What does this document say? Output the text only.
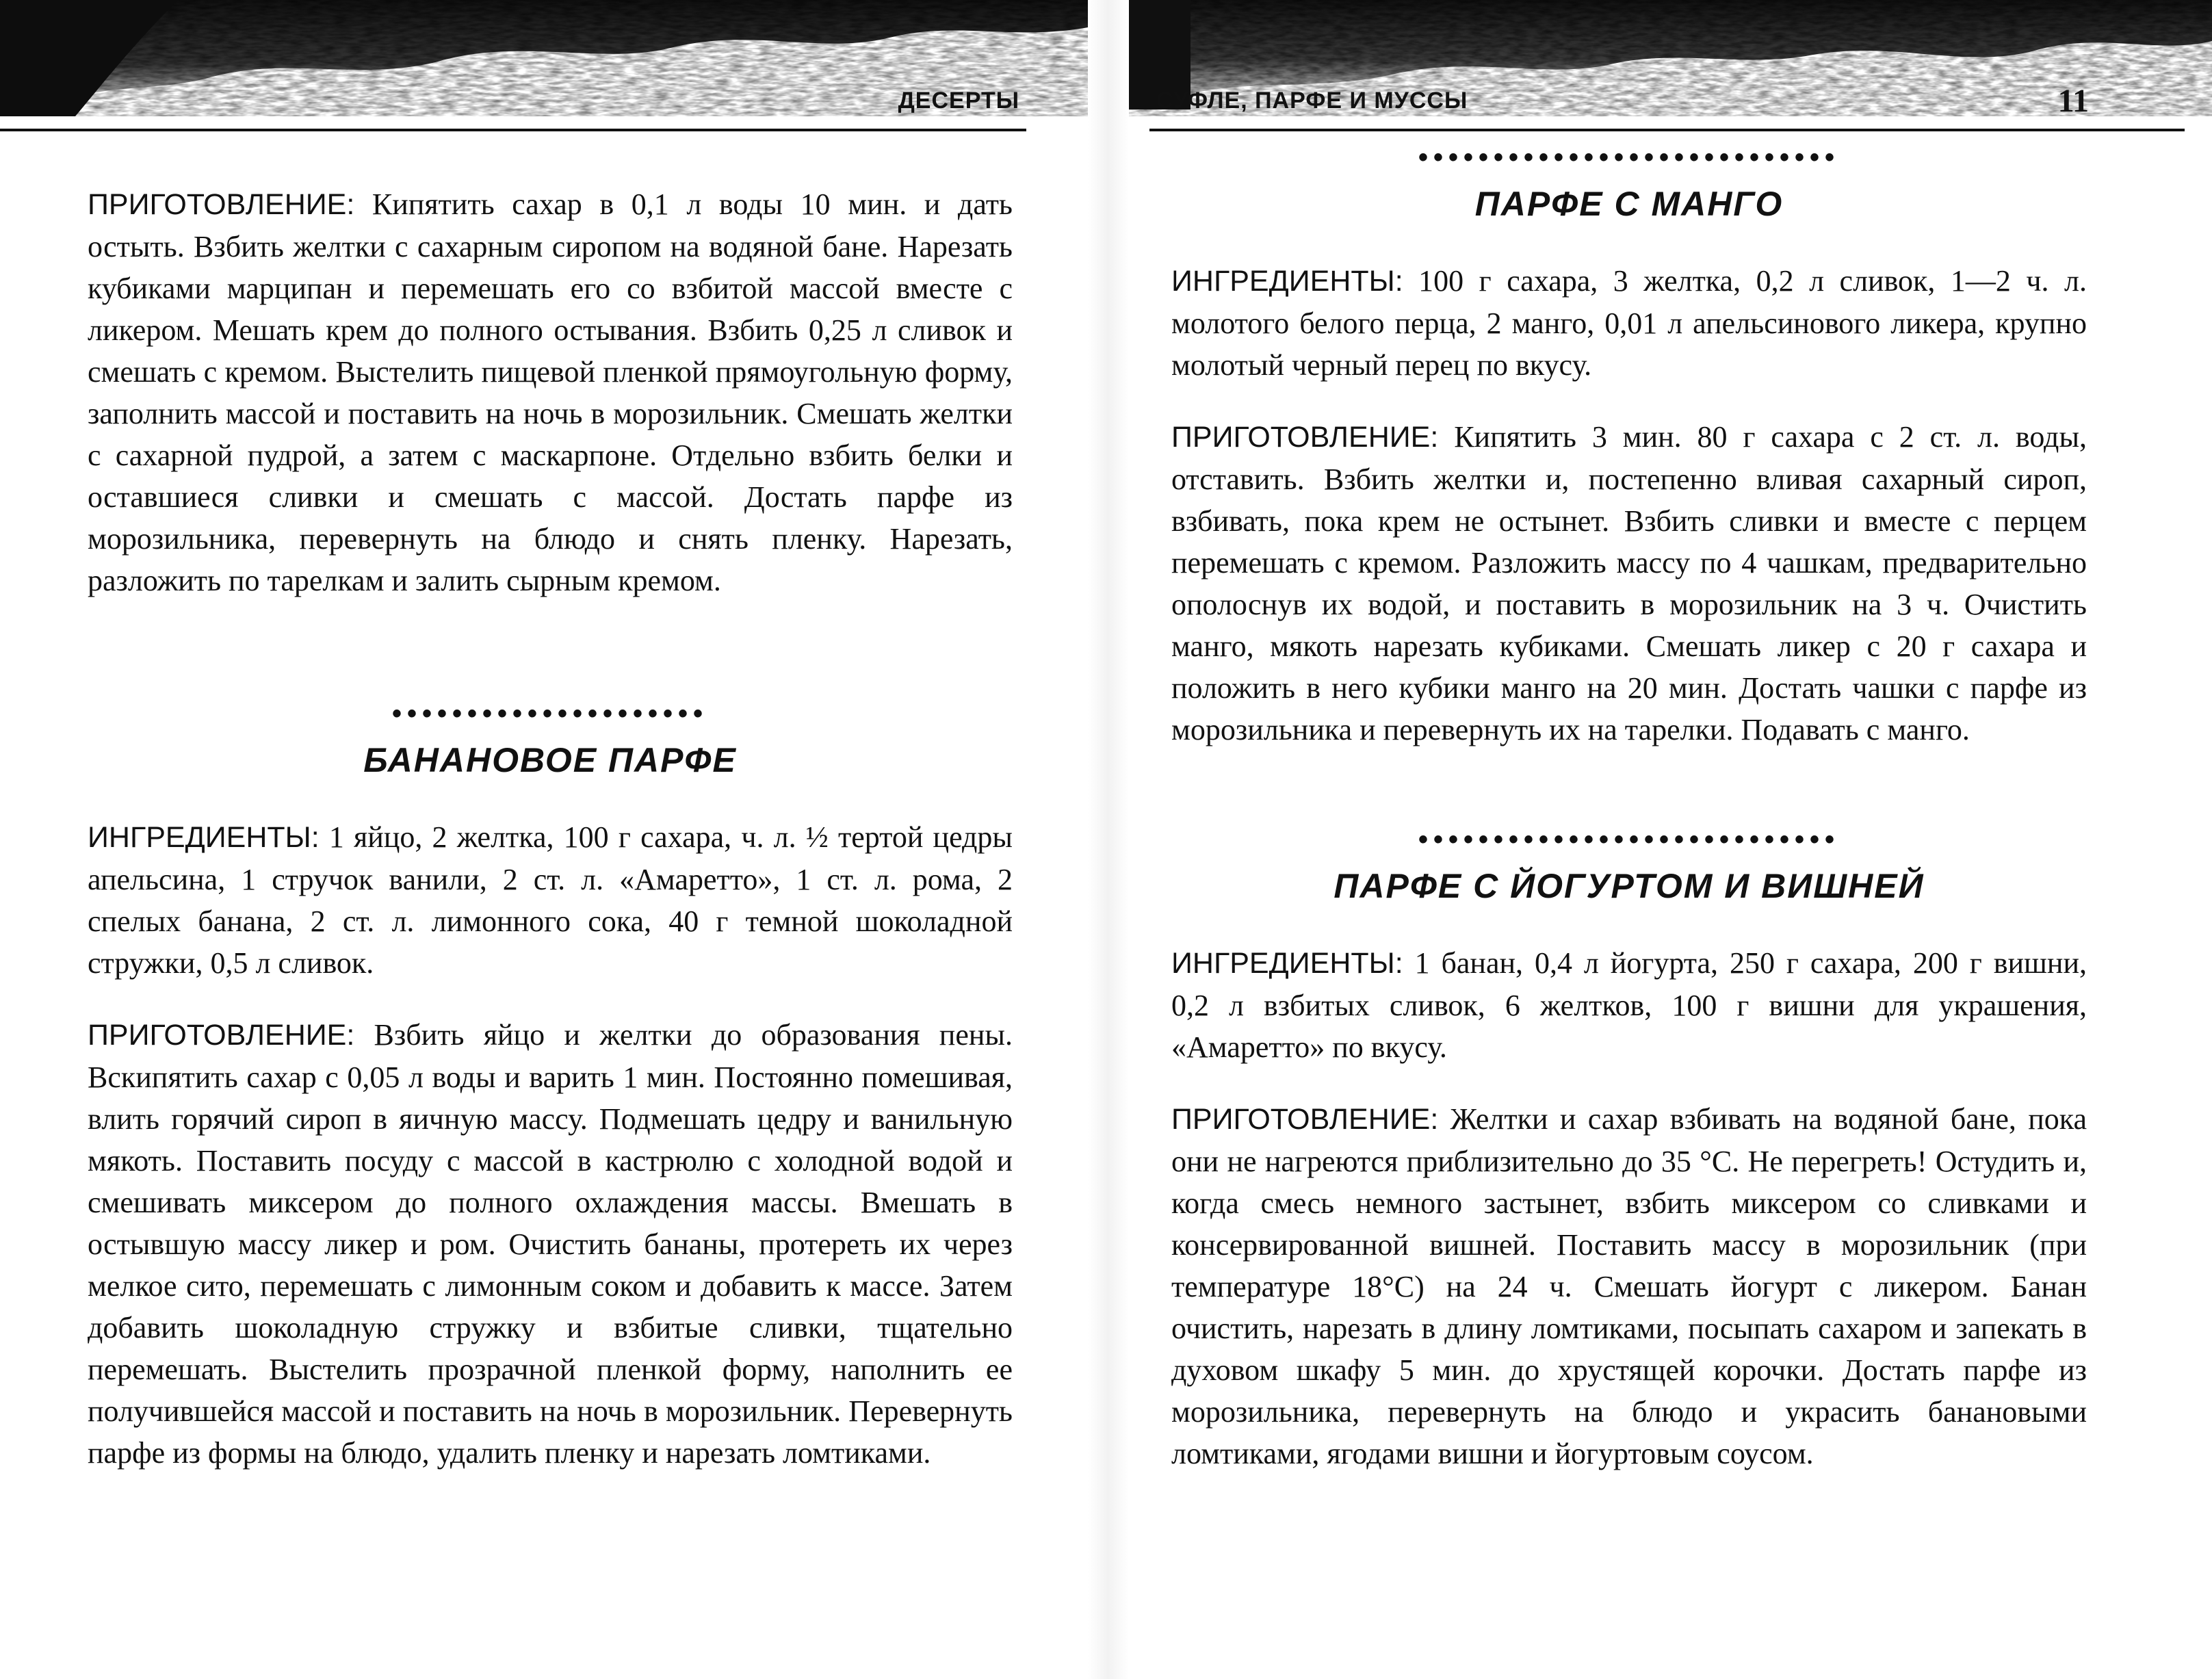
ДЕСЕРТЫ

ПРИГОТОВЛЕНИЕ: Кипятить сахар в 0,1 л воды 10 мин. и дать остыть. Взбить желтки с сахарным сиропом на водяной бане. Нарезать кубиками марципан и перемешать его со взбитой массой вместе с ликером. Мешать крем до полного остывания. Взбить 0,25 л сливок и смешать с кремом. Выстелить пищевой пленкой прямоугольную форму, заполнить массой и поставить на ночь в морозильник. Смешать желтки с сахарной пудрой, а затем с маскарпоне. Отдельно взбить белки и оставшиеся сливки и смешать с массой. Достать парфе из морозильника, перевернуть на блюдо и снять пленку. Нарезать, разложить по тарелкам и залить сырным кремом.

•••••••••••••••••••••
БАНАНОВОЕ ПАРФЕ

ИНГРЕДИЕНТЫ: 1 яйцо, 2 желтка, 100 г сахара, ч. л. ½ тертой цедры апельсина, 1 стручок ванили, 2 ст. л. «Амаретто», 1 ст. л. рома, 2 спелых банана, 2 ст. л. лимонного сока, 40 г темной шоколадной стружки, 0,5 л сливок.

ПРИГОТОВЛЕНИЕ: Взбить яйцо и желтки до образования пены. Вскипятить сахар с 0,05 л воды и варить 1 мин. Постоянно помешивая, влить горячий сироп в яичную массу. Подмешать цедру и ванильную мякоть. Поставить посуду с массой в кастрюлю с холодной водой и смешивать миксером до полного охлаждения массы. Вмешать в остывшую массу ликер и ром. Очистить бананы, протереть их через мелкое сито, перемешать с лимонным соком и добавить к массе. Затем добавить шоколадную стружку и взбитые сливки, тщательно перемешать. Выстелить прозрачной пленкой форму, наполнить ее получившейся массой и поставить на ночь в морозильник. Перевернуть парфе из формы на блюдо, удалить пленку и нарезать ломтиками.

СУФЛЕ, ПАРФЕ И МУССЫ	11
••••••••••••••••••••••••••••
ПАРФЕ С МАНГО

ИНГРЕДИЕНТЫ: 100 г сахара, 3 желтка, 0,2 л сливок, 1—2 ч. л. молотого белого перца, 2 манго, 0,01 л апельсинового ликера, крупно молотый черный перец по вкусу.

ПРИГОТОВЛЕНИЕ: Кипятить 3 мин. 80 г сахара с 2 ст. л. воды, отставить. Взбить желтки и, постепенно вливая сахарный сироп, взбивать, пока крем не остынет. Взбить сливки и вместе с перцем перемешать с кремом. Разложить массу по 4 чашкам, предварительно ополоснув их водой, и поставить в морозильник на 3 ч. Очистить манго, мякоть нарезать кубиками. Смешать ликер с 20 г сахара и положить в него кубики манго на 20 мин. Достать чашки с парфе из морозильника и перевернуть их на тарелки. Подавать с манго.

••••••••••••••••••••••••••••
ПАРФЕ С ЙОГУРТОМ И ВИШНЕЙ

ИНГРЕДИЕНТЫ: 1 банан, 0,4 л йогурта, 250 г сахара, 200 г вишни, 0,2 л взбитых сливок, 6 желтков, 100 г вишни для украшения, «Амаретто» по вкусу.

ПРИГОТОВЛЕНИЕ: Желтки и сахар взбивать на водяной бане, пока они не нагреются приблизительно до 35 °С. Не перегреть! Остудить и, когда смесь немного застынет, взбить миксером со сливками и консервированной вишней. Поставить массу в морозильник (при температуре 18°С) на 24 ч. Смешать йогурт с ликером. Банан очистить, нарезать в длину ломтиками, посыпать сахаром и запекать в духовом шкафу 5 мин. до хрустящей корочки. Достать парфе из морозильника, перевернуть на блюдо и украсить банановыми ломтиками, ягодами вишни и йогуртовым соусом.
